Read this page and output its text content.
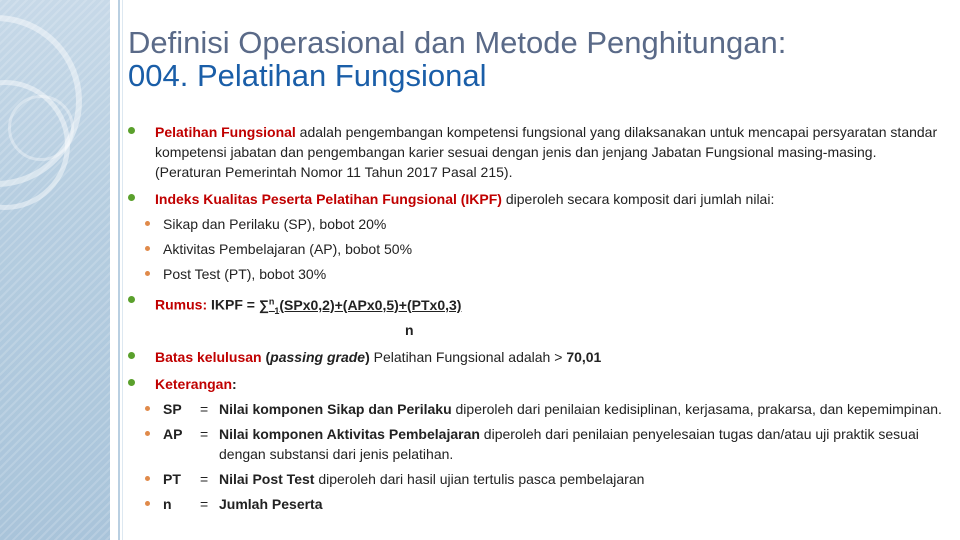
Definisi Operasional dan Metode Penghitungan:
004. Pelatihan Fungsional
Pelatihan Fungsional adalah pengembangan kompetensi fungsional yang dilaksanakan untuk mencapai persyaratan standar kompetensi jabatan dan pengembangan karier sesuai dengan jenis dan jenjang Jabatan Fungsional masing-masing. (Peraturan Pemerintah Nomor 11 Tahun 2017 Pasal 215).
Indeks Kualitas Peserta Pelatihan Fungsional (IKPF) diperoleh secara komposit dari jumlah nilai:
Sikap dan Perilaku (SP), bobot 20%
Aktivitas Pembelajaran (AP), bobot 50%
Post Test (PT), bobot 30%
Rumus: IKPF = ∑$^n_1$(SPx0,2)+(APx0,5)+(PTx0,3)
n
Batas kelulusan (passing grade) Pelatihan Fungsional adalah > 70,01
Keterangan:
SP	= Nilai komponen Sikap dan Perilaku diperoleh dari penilaian kedisiplinan, kerjasama, prakarsa, dan kepemimpinan.
AP	= Nilai komponen Aktivitas Pembelajaran diperoleh dari penilaian penyelesaian tugas dan/atau uji praktik sesuai dengan substansi dari jenis pelatihan.
PT	= Nilai Post Test diperoleh dari hasil ujian tertulis pasca pembelajaran
n	= Jumlah Peserta
